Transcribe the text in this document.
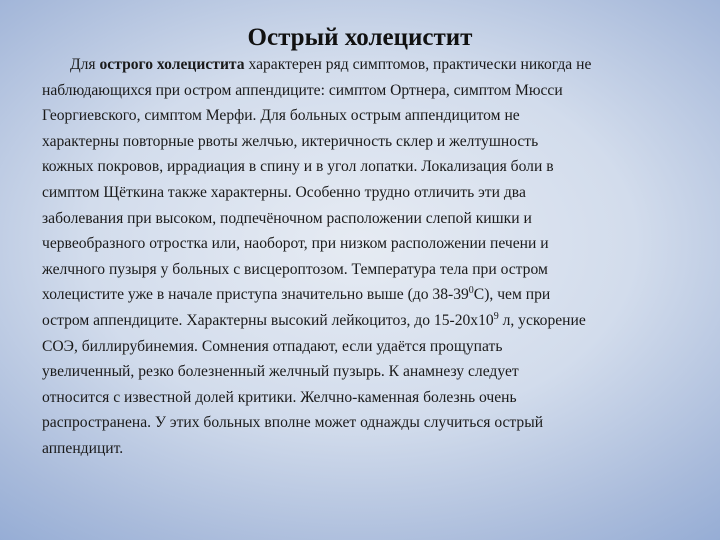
Острый холецистит

Для острого холецистита характерен ряд симптомов, практически никогда не
наблюдающихся при остром аппендиците: симптом Ортнера, симптом Мюсси
Георгиевского, симптом Мерфи. Для больных острым аппендицитом не
характерны повторные рвоты желчью, иктеричность склер и желтушность
кожных покровов, иррадиация в спину и в угол лопатки. Локализация боли в
симптом Щёткина также характерны. Особенно трудно отличить эти два
заболевания при высоком, подпечёночном расположении слепой кишки и
червеобразного отростка или, наоборот, при низком расположении печени и
желчного пузыря у больных с висцероптозом. Температура тела при остром
холецистите уже в начале приступа значительно выше (до $38-39^0С$), чем при
остром аппендиците. Характерны высокий лейкоцитоз, до $15-20х10^9$ л, ускорение
СОЭ, биллирубинемия. Сомнения отпадают, если удаётся прощупать
увеличенный, резко болезненный желчный пузырь. К анамнезу следует
относится с известной долей критики. Желчно-каменная болезнь очень
распространена. У этих больных вполне может однажды случиться острый
аппендицит.
